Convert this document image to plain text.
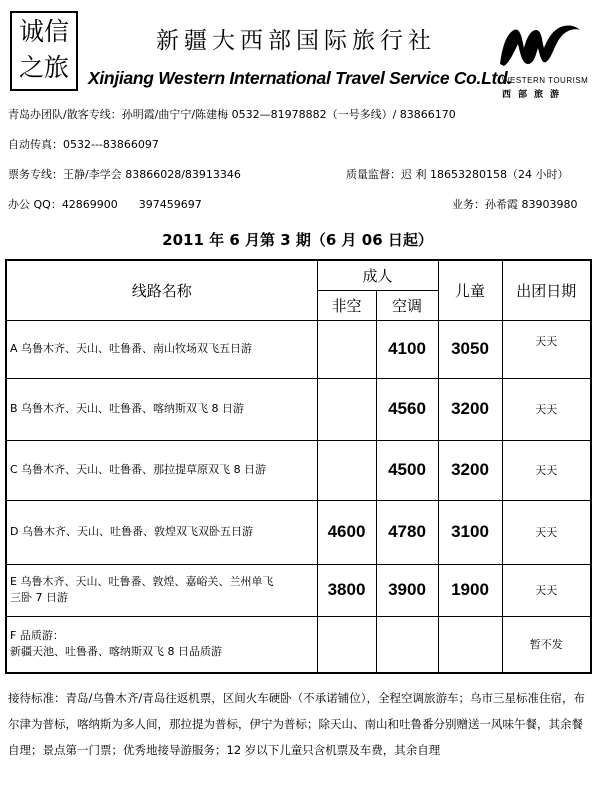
诚信
之旅
新疆大西部国际旅行社
Xinjiang Western International Travel Service Co.Ltd.
WESTERN TOURISM
西部旅游
青岛办团队/散客专线：孙明霞/曲宁宁/陈建梅 0532—81978882（一号多线）/ 83866170
自动传真：0532---83866097
票务专线：王静/李学会 83866028/83913346	质量监督：迟 利 18653280158（24 小时）
办公 QQ：42869900      397459697	业务：孙希霞 83903980
2011 年 6 月第 3 期（6 月 06 日起）
线路名称	成人		儿童	出团日期
	非空	空调		
A 乌鲁木齐、天山、吐鲁番、南山牧场双飞五日游		4100	3050	天天
B 乌鲁木齐、天山、吐鲁番、喀纳斯双飞 8 日游		4560	3200	天天
C 乌鲁木齐、天山、吐鲁番、那拉提草原双飞 8 日游		4500	3200	天天
D 乌鲁木齐、天山、吐鲁番、敦煌双飞双卧五日游	4600	4780	3100	天天

E 乌鲁木齐、天山、吐鲁番、敦煌、嘉峪关、兰州单飞
三卧 7 日游	3800	3900	1900	天天

F 品质游：
新疆天池、吐鲁番、喀纳斯双飞 8 日品质游				暂不发
接待标准：青岛/乌鲁木齐/青岛往返机票，区间火车硬卧（不承诺铺位），全程空调旅游车；乌市三星标准住宿，布尔津为普标，喀纳斯为多人间，那拉提为普标，伊宁为普标；除天山、南山和吐鲁番分别赠送一风味午餐，其余餐自理；景点第一门票；优秀地接导游服务；12 岁以下儿童只含机票及车费，其余自理
